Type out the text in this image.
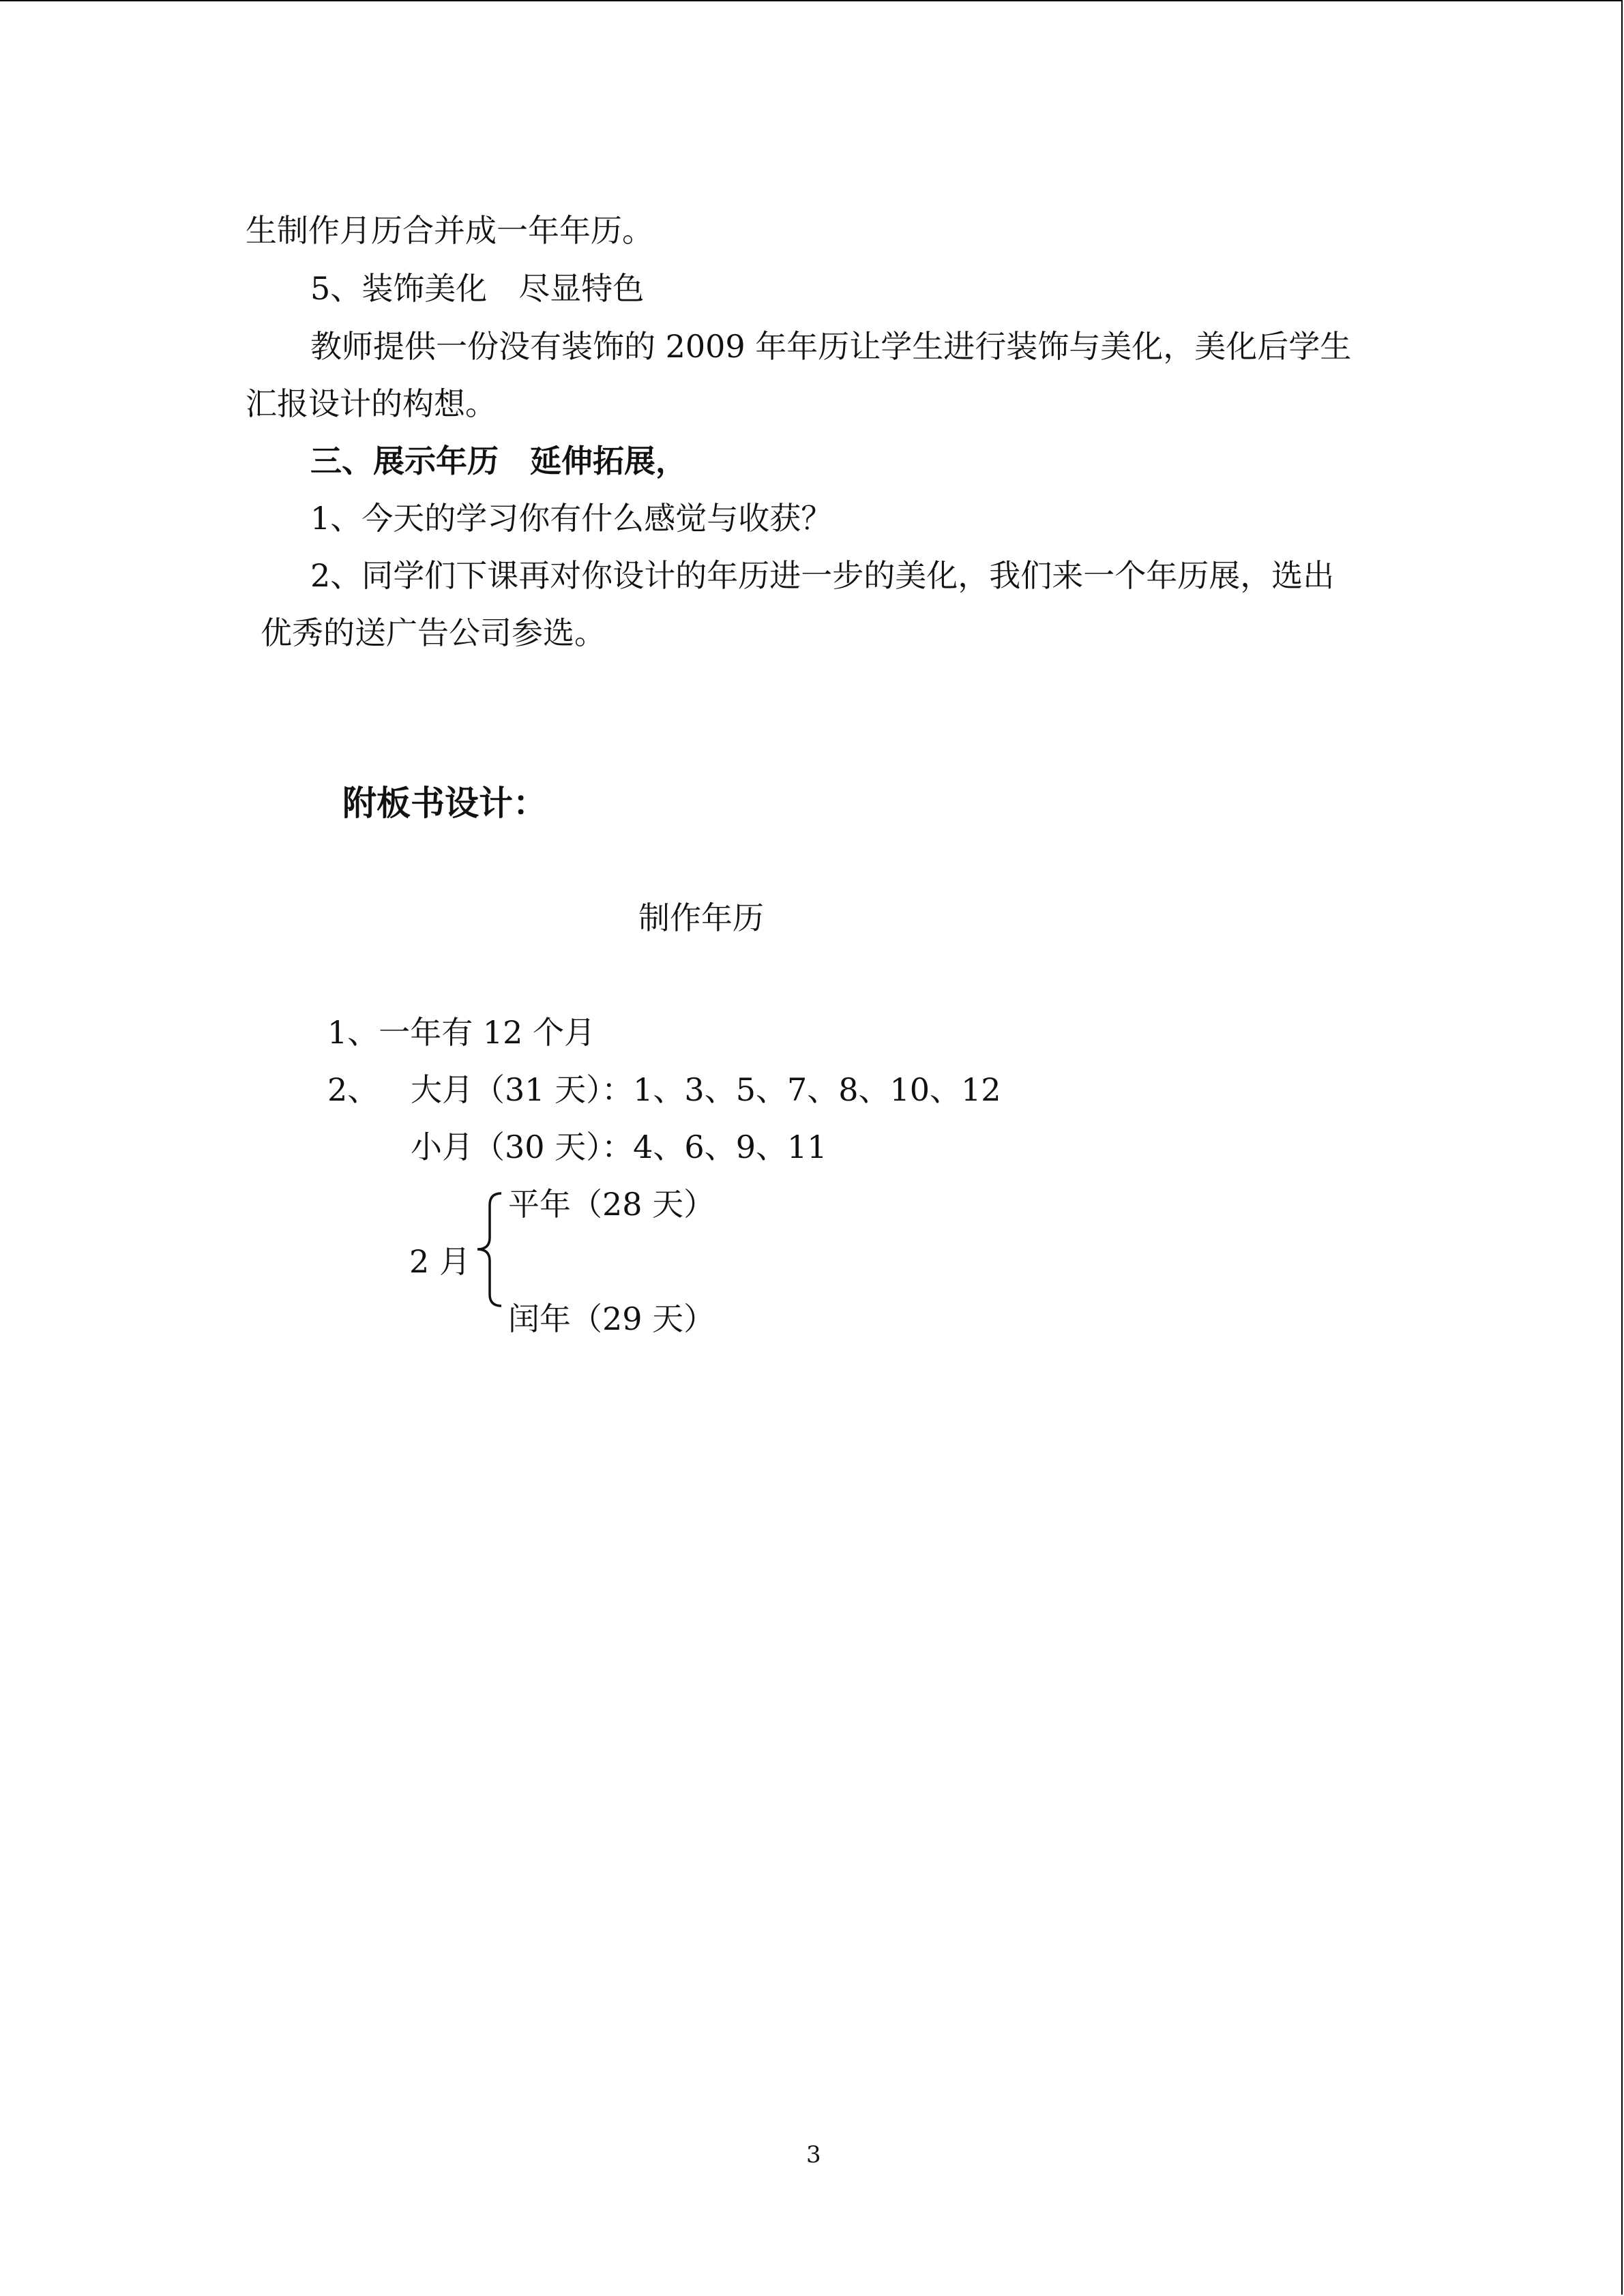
生制作月历合并成一年年历。
5、装饰美化　尽显特色
教师提供一份没有装饰的 2009 年年历让学生进行装饰与美化，美化后学生
汇报设计的构想。
三、展示年历　延伸拓展，
1、今天的学习你有什么感觉与收获？
2、同学们下课再对你设计的年历进一步的美化，我们来一个年历展，选出
优秀的送广告公司参选。
附板书设计：
制作年历
1、一年有 12 个月
2、 大月（31 天）：1、3、5、7、8、10、12
小月（30 天）：4、6、9、11
平年（28 天）
2 月
闰年（29 天）
3
